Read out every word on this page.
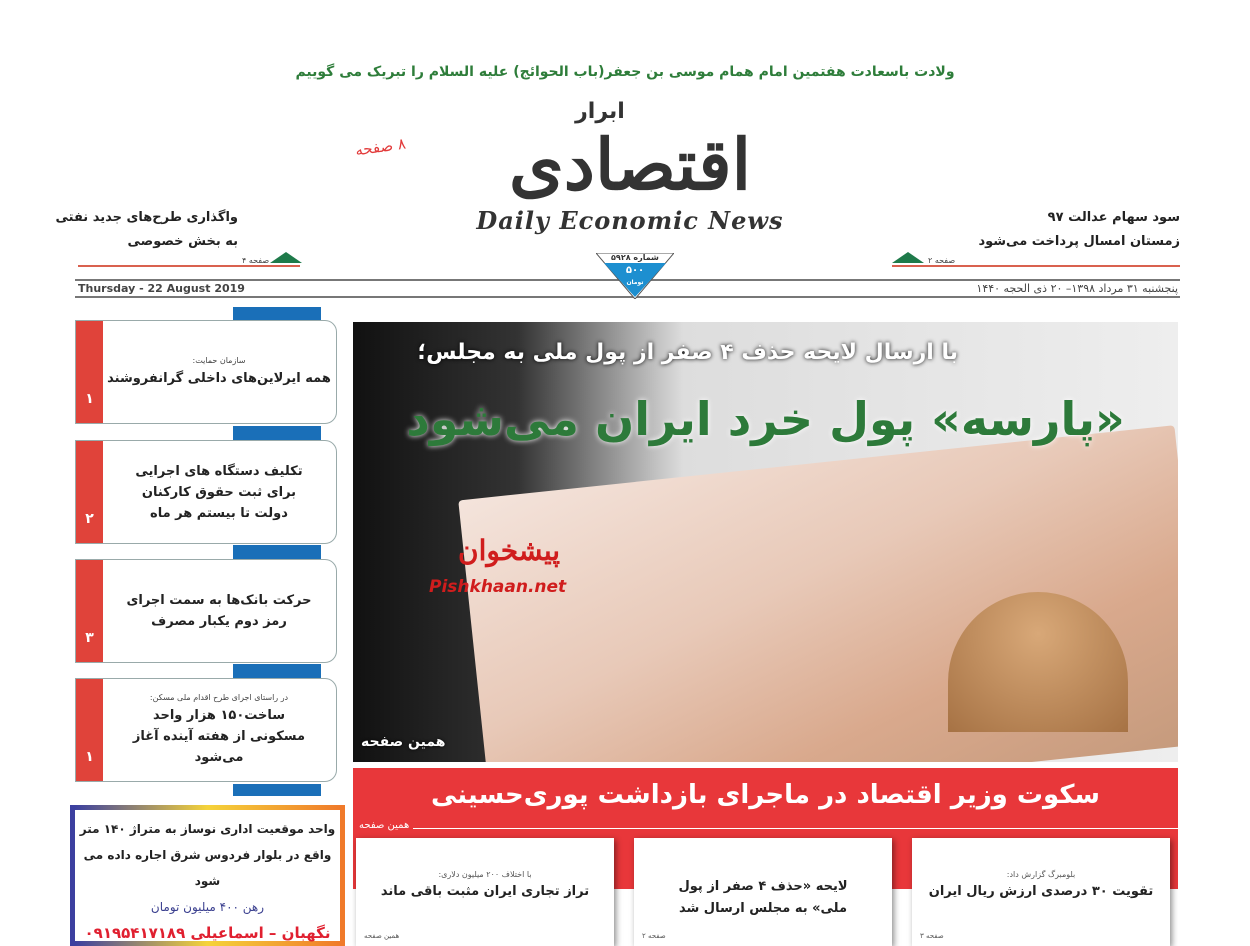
ولادت باسعادت هفتمین امام همام موسی بن جعفر(باب الحوائج) علیه السلام را تبریک می گوییم
ابرار
اقتصادی
Daily Economic News
۸ صفحه
واگذاری طرح‌های جدید نفتی
به بخش خصوصی
صفحه ۴
سود سهام عدالت ۹۷
زمستان امسال پرداخت می‌شود
صفحه ۲
شماره ۵۹۲۸
۵۰۰
تومان
Thursday - 22 August 2019	پنجشنبه ۳۱ مرداد ۱۳۹۸– ۲۰ ذی الحجه ۱۴۴۰
۱
سازمان حمایت:
همه ایرلاین‌های داخلی گرانفروشند
۲
تکلیف دستگاه های اجرایی برای ثبت حقوق کارکنان دولت تا بیستم هر ماه
۳
حرکت بانک‌ها به سمت اجرای رمز دوم یکبار مصرف
۱
در راستای اجرای طرح اقدام ملی مسکن:
ساخت۱۵۰ هزار واحد مسکونی از هفته آینده آغاز می‌شود
با ارسال لایحه حذف ۴ صفر از پول ملی به مجلس؛
«پارسه» پول خرد ایران می‌شود
پیشخوان
Pishkhaan.net
همین صفحه
سکوت وزیر اقتصاد در ماجرای بازداشت پوری‌حسینی
همین صفحه
بلومبرگ گزارش داد:
تقویت ۳۰ درصدی ارزش ریال ایران
صفحه ۳
لایحه «حذف ۴ صفر از پول ملی» به مجلس ارسال شد
صفحه ۲
با اختلاف ۲۰۰ میلیون دلاری:
تراز تجاری ایران مثبت باقی ماند
همین صفحه
واحد موقعیت اداری نوساز به متراژ ۱۴۰ متر
واقع در بلوار فردوس شرق اجاره داده می شود
رهن ۴۰۰ میلیون تومان
نگهبان – اسماعیلی ۰۹۱۹۵۴۱۷۱۸۹
